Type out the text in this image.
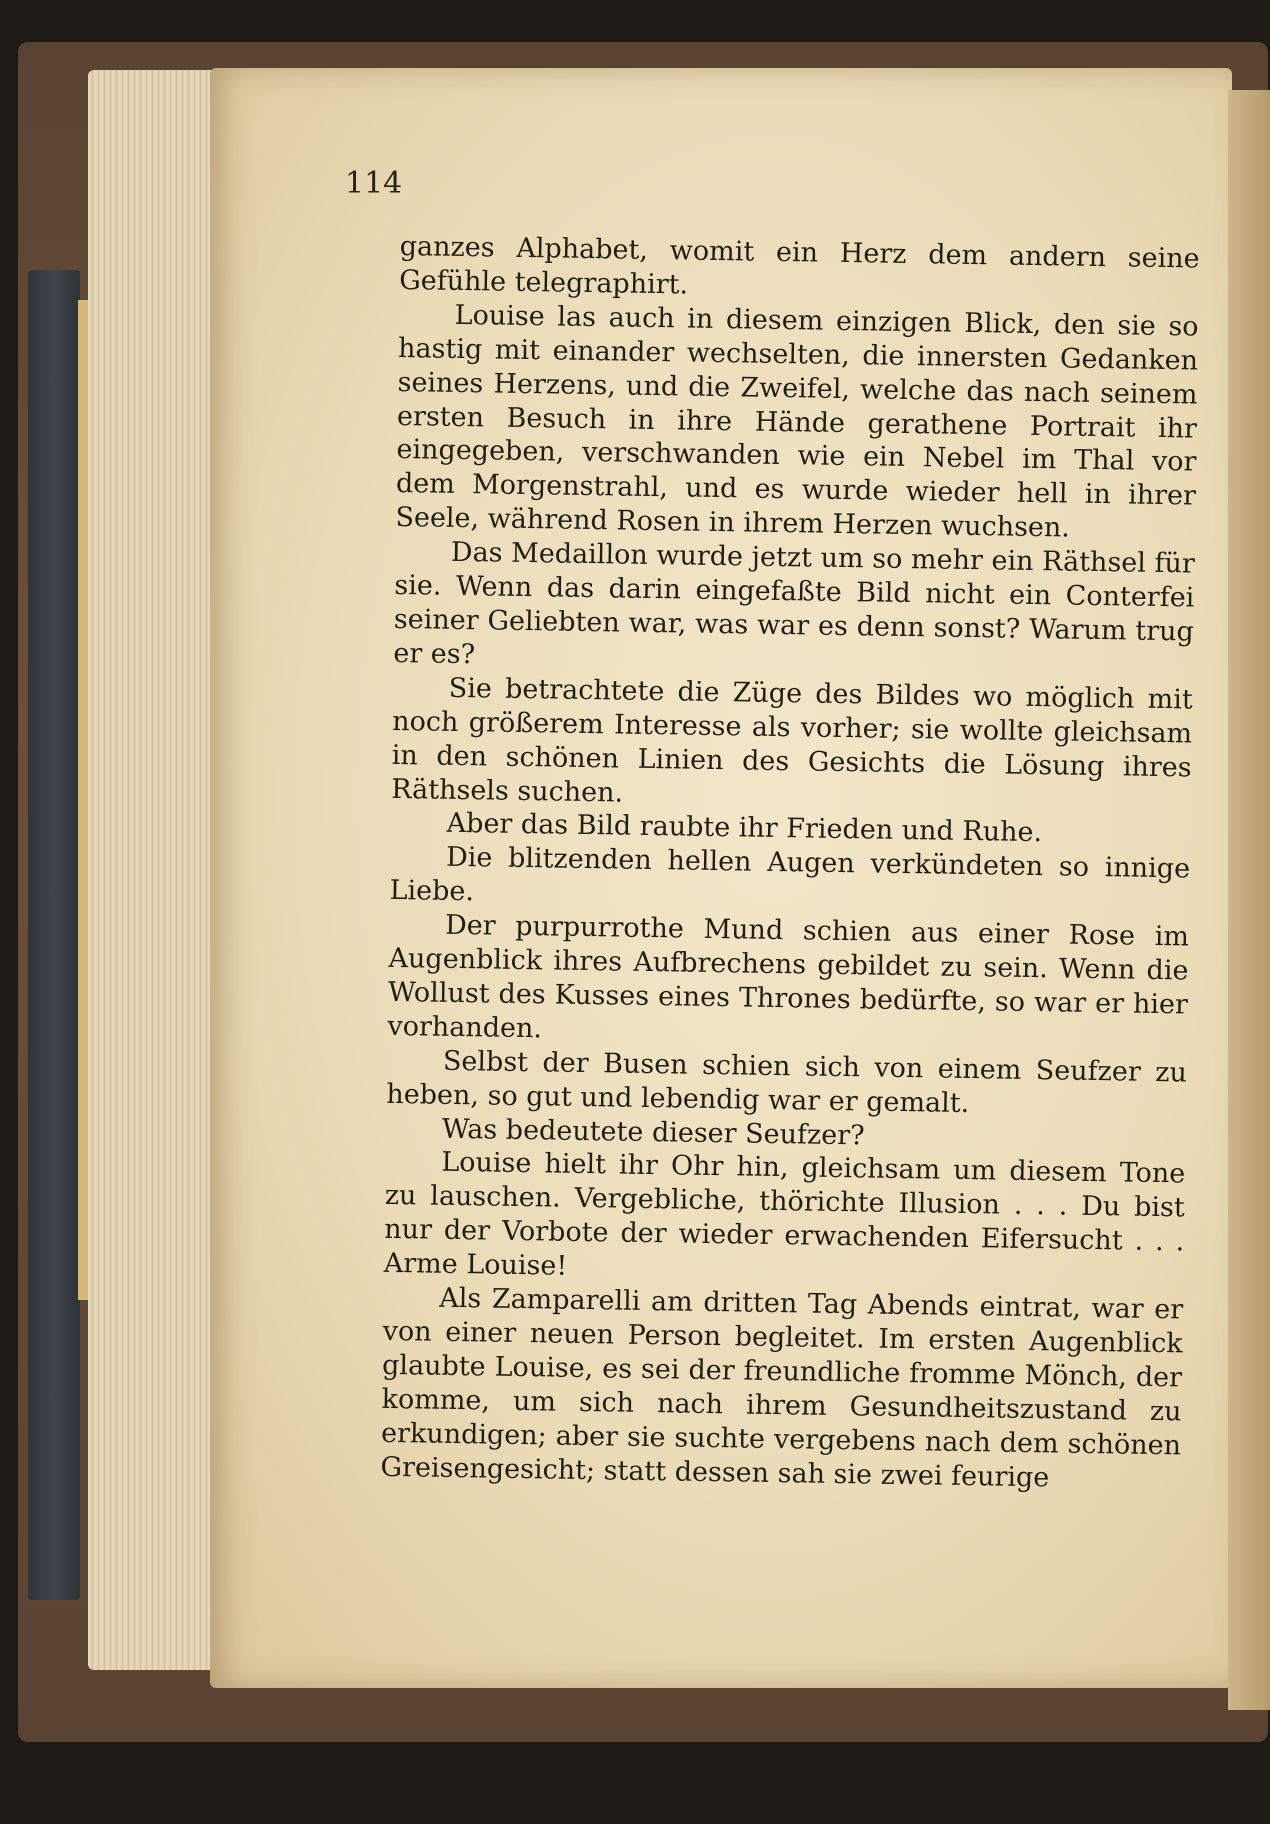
ganzes Alphabet, womit ein Herz dem andern seine Gefühle telegraphirt.

Louise las auch in diesem einzigen Blick, den sie so hastig mit einander wechselten, die innersten Gedanken seines Herzens, und die Zweifel, welche das nach seinem ersten Besuch in ihre Hände gerathene Portrait ihr eingegeben, verschwanden wie ein Nebel im Thal vor dem Morgenstrahl, und es wurde wieder hell in ihrer Seele, während Rosen in ihrem Herzen wuchsen.

Das Medaillon wurde jetzt um so mehr ein Räthsel für sie. Wenn das darin eingefaßte Bild nicht ein Conterfei seiner Geliebten war, was war es denn sonst? Warum trug er es?

Sie betrachtete die Züge des Bildes wo möglich mit noch größerem Interesse als vorher; sie wollte gleichsam in den schönen Linien des Gesichts die Lösung ihres Räthsels suchen.

Aber das Bild raubte ihr Frieden und Ruhe.

Die blitzenden hellen Augen verkündeten so innige Liebe.

Der purpurrothe Mund schien aus einer Rose im Augenblick ihres Aufbrechens gebildet zu sein. Wenn die Wollust des Kusses eines Thrones bedürfte, so war er hier vorhanden.

Selbst der Busen schien sich von einem Seufzer zu heben, so gut und lebendig war er gemalt.

Was bedeutete dieser Seufzer?

Louise hielt ihr Ohr hin, gleichsam um diesem Tone zu lauschen. Vergebliche, thörichte Illusion . . . Du bist nur der Vorbote der wieder erwachenden Eifersucht . . . Arme Louise!

Als Zamparelli am dritten Tag Abends eintrat, war er von einer neuen Person begleitet. Im ersten Augenblick glaubte Louise, es sei der freundliche fromme Mönch, der komme, um sich nach ihrem Gesundheitszustand zu erkundigen; aber sie suchte vergebens nach dem schönen Greisengesicht; statt dessen sah sie zwei feurige
